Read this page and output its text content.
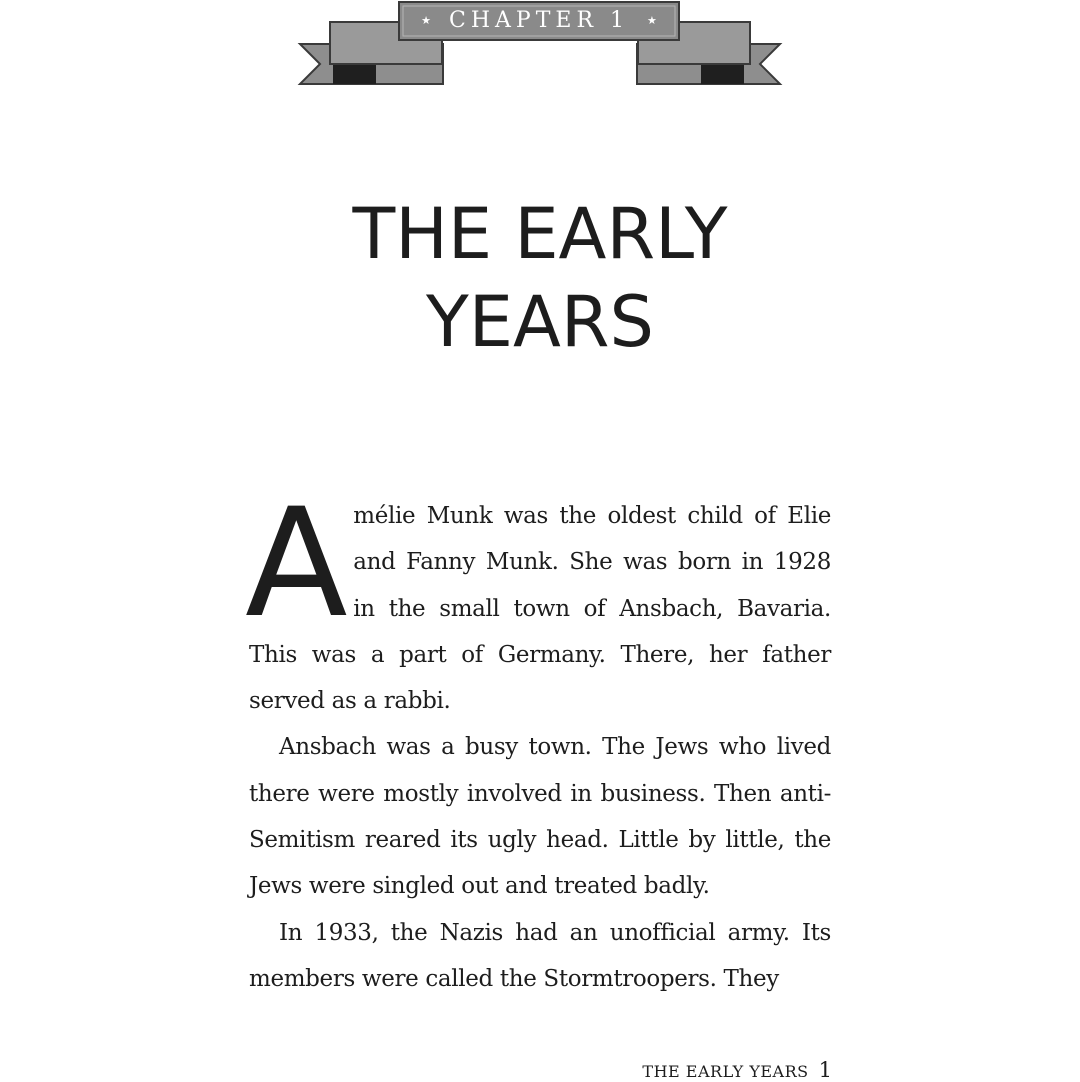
★ CHAPTER 1 ★
THE EARLY
YEARS

Amélie Munk was the oldest child of Elie and Fanny Munk. She was born in 1928 in the small town of Ansbach, Bavaria. This was a part of Germany. There, her father served as a rabbi.

Ansbach was a busy town. The Jews who lived there were mostly involved in business. Then anti-Semitism reared its ugly head. Little by little, the Jews were singled out and treated badly.

In 1933, the Nazis had an unofficial army. Its members were called the Stormtroopers. They

THE EARLY YEARS 1
